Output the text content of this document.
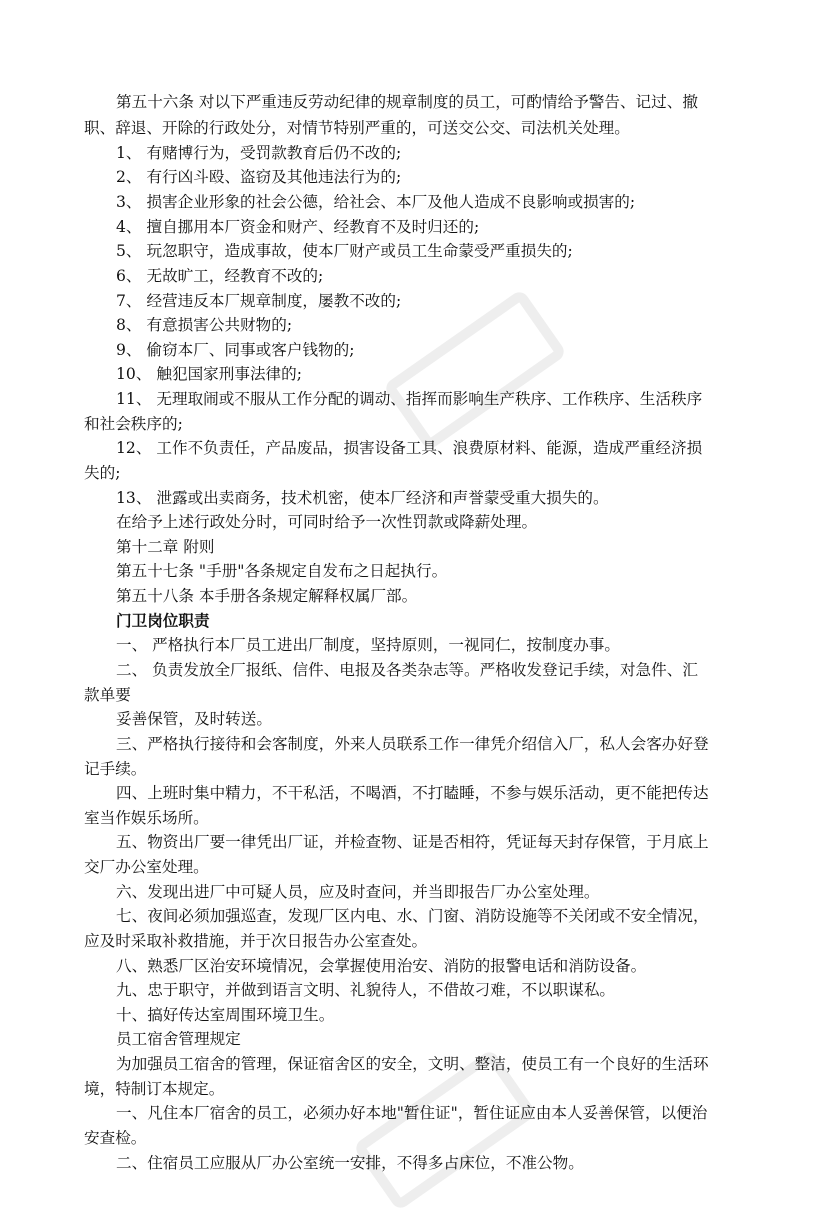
第五十六条 对以下严重违反劳动纪律的规章制度的员工，可酌情给予警告、记过、撤
职、辞退、开除的行政处分，对情节特别严重的，可送交公交、司法机关处理。
1、 有赌博行为，受罚款教育后仍不改的;
2、 有行凶斗殴、盗窃及其他违法行为的;
3、 损害企业形象的社会公德，给社会、本厂及他人造成不良影响或损害的;
4、 擅自挪用本厂资金和财产、经教育不及时归还的;
5、 玩忽职守，造成事故，使本厂财产或员工生命蒙受严重损失的;
6、 无故旷工，经教育不改的;
7、 经营违反本厂规章制度，屡教不改的;
8、 有意损害公共财物的;
9、 偷窃本厂、同事或客户钱物的;
10、 触犯国家刑事法律的;
11、 无理取闹或不服从工作分配的调动、指挥而影响生产秩序、工作秩序、生活秩序
和社会秩序的;
12、 工作不负责任，产品废品，损害设备工具、浪费原材料、能源，造成严重经济损
失的;
13、 泄露或出卖商务，技术机密，使本厂经济和声誉蒙受重大损失的。
在给予上述行政处分时，可同时给予一次性罚款或降薪处理。
第十二章 附则
第五十七条 "手册"各条规定自发布之日起执行。
第五十八条 本手册各条规定解释权属厂部。
门卫岗位职责
一、 严格执行本厂员工进出厂制度，坚持原则，一视同仁，按制度办事。
二、 负责发放全厂报纸、信件、电报及各类杂志等。严格收发登记手续，对急件、汇
款单要
妥善保管，及时转送。
三、严格执行接待和会客制度，外来人员联系工作一律凭介绍信入厂，私人会客办好登
记手续。
四、上班时集中精力，不干私活，不喝酒，不打瞌睡，不参与娱乐活动，更不能把传达
室当作娱乐场所。
五、物资出厂要一律凭出厂证，并检查物、证是否相符，凭证每天封存保管，于月底上
交厂办公室处理。
六、发现出进厂中可疑人员，应及时查问，并当即报告厂办公室处理。
七、夜间必须加强巡查，发现厂区内电、水、门窗、消防设施等不关闭或不安全情况，
应及时采取补救措施，并于次日报告办公室查处。
八、熟悉厂区治安环境情况，会掌握使用治安、消防的报警电话和消防设备。
九、忠于职守，并做到语言文明、礼貌待人，不借故刁难，不以职谋私。
十、搞好传达室周围环境卫生。
员工宿舍管理规定
为加强员工宿舍的管理，保证宿舍区的安全，文明、整洁，使员工有一个良好的生活环
境，特制订本规定。
一、凡住本厂宿舍的员工，必须办好本地"暂住证"，暂住证应由本人妥善保管，以便治
安查检。
二、住宿员工应服从厂办公室统一安排，不得多占床位，不准公物。
